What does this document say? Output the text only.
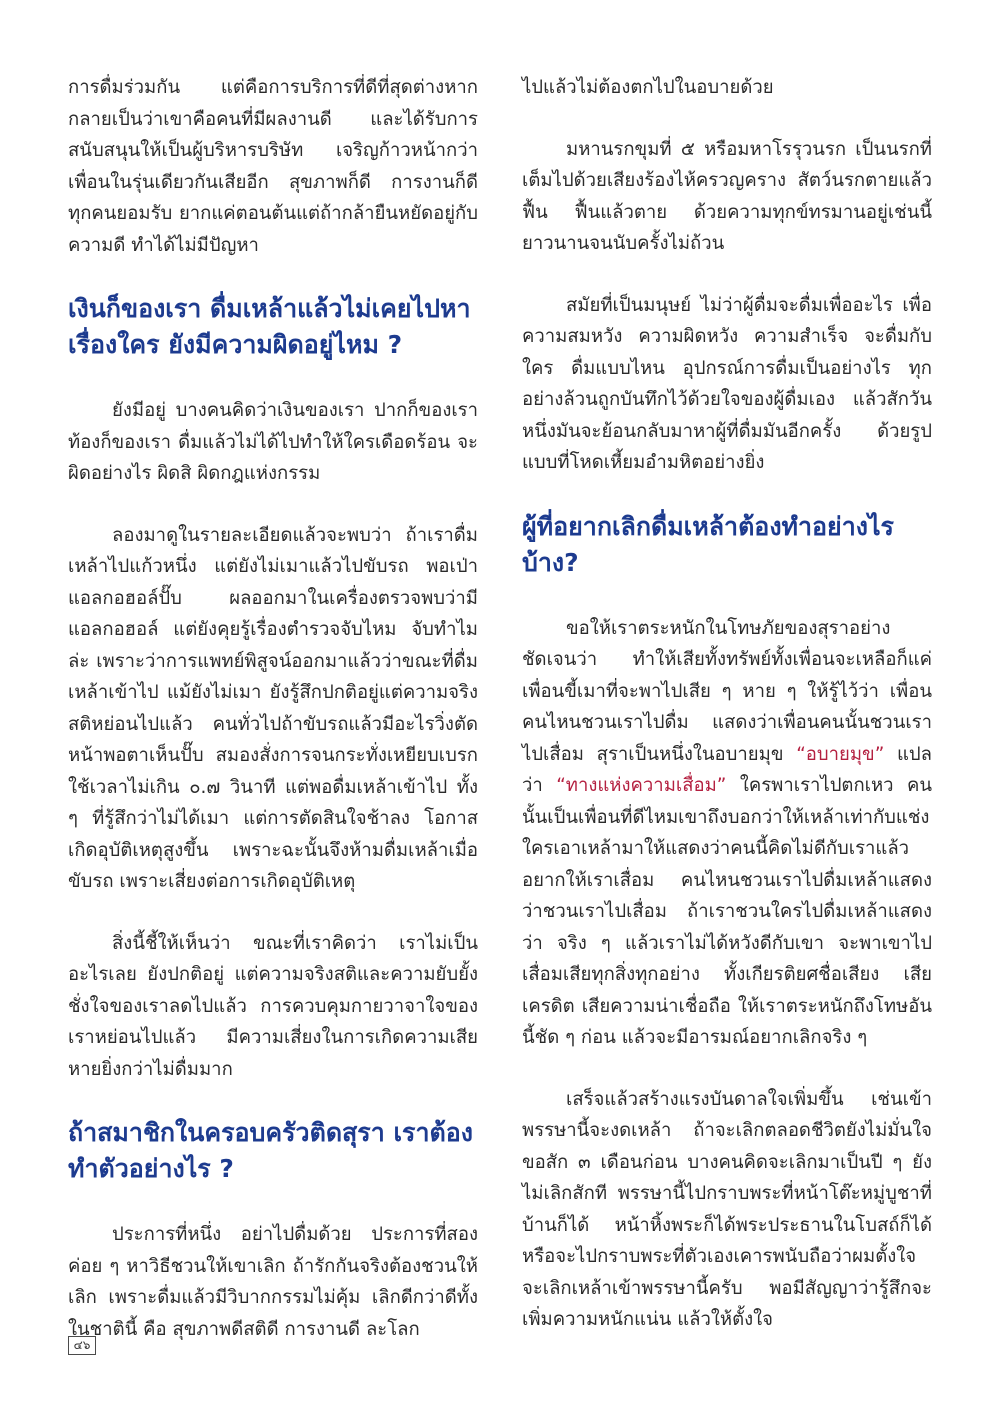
การดื่มร่วมกัน แต่คือการบริการที่ดีที่สุดต่างหาก กลายเป็นว่าเขาคือคนที่มีผลงานดี และได้รับการสนับสนุนให้เป็นผู้บริหารบริษัท เจริญก้าวหน้ากว่าเพื่อนในรุ่นเดียวกันเสียอีก สุขภาพก็ดี การงานก็ดี ทุกคนยอมรับ ยากแค่ตอนต้นแต่ถ้ากล้ายืนหยัดอยู่กับความดี ทำได้ไม่มีปัญหา

เงินก็ของเรา ดื่มเหล้าแล้วไม่เคยไปหาเรื่องใคร ยังมีความผิดอยู่ไหม ?

ยังมีอยู่ บางคนคิดว่าเงินของเรา ปากก็ของเรา ท้องก็ของเรา ดื่มแล้วไม่ได้ไปทำให้ใครเดือดร้อน จะผิดอย่างไร ผิดสิ ผิดกฎแห่งกรรม

ลองมาดูในรายละเอียดแล้วจะพบว่า ถ้าเราดื่มเหล้าไปแก้วหนึ่ง แต่ยังไม่เมาแล้วไปขับรถ พอเป่าแอลกอฮอล์ปั๊บ ผลออกมาในเครื่องตรวจพบว่ามีแอลกอฮอล์ แต่ยังคุยรู้เรื่องตำรวจจับไหม จับทำไมล่ะ เพราะว่าการแพทย์พิสูจน์ออกมาแล้วว่าขณะที่ดื่มเหล้าเข้าไป แม้ยังไม่เมา ยังรู้สึกปกติอยู่แต่ความจริงสติหย่อนไปแล้ว คนทั่วไปถ้าขับรถแล้วมีอะไรวิ่งตัดหน้าพอตาเห็นปั๊บ สมองสั่งการจนกระทั่งเหยียบเบรกใช้เวลาไม่เกิน ๐.๗ วินาที แต่พอดื่มเหล้าเข้าไป ทั้ง ๆ ที่รู้สึกว่าไม่ได้เมา แต่การตัดสินใจช้าลง โอกาสเกิดอุบัติเหตุสูงขึ้น เพราะฉะนั้นจึงห้ามดื่มเหล้าเมื่อขับรถ เพราะเสี่ยงต่อการเกิดอุบัติเหตุ

สิ่งนี้ชี้ให้เห็นว่า ขณะที่เราคิดว่า เราไม่เป็นอะไรเลย ยังปกติอยู่ แต่ความจริงสติและความยับยั้งชั่งใจของเราลดไปแล้ว การควบคุมกายวาจาใจของเราหย่อนไปแล้ว มีความเสี่ยงในการเกิดความเสียหายยิ่งกว่าไม่ดื่มมาก

ถ้าสมาชิกในครอบครัวติดสุรา เราต้องทำตัวอย่างไร ?

ประการที่หนึ่ง อย่าไปดื่มด้วย ประการที่สองค่อย ๆ หาวิธีชวนให้เขาเลิก ถ้ารักกันจริงต้องชวนให้เลิก เพราะดื่มแล้วมีวิบากกรรมไม่คุ้ม เลิกดีกว่าดีทั้งในชาตินี้ คือ สุขภาพดีสติดี การงานดี ละโลก

ไปแล้วไม่ต้องตกไปในอบายด้วย

มหานรกขุมที่ ๕ หรือมหาโรรุวนรก เป็นนรกที่เต็มไปด้วยเสียงร้องไห้ครวญคราง สัตว์นรกตายแล้วฟื้น ฟื้นแล้วตาย ด้วยความทุกข์ทรมานอยู่เช่นนี้ ยาวนานจนนับครั้งไม่ถ้วน

สมัยที่เป็นมนุษย์ ไม่ว่าผู้ดื่มจะดื่มเพื่ออะไร เพื่อความสมหวัง ความผิดหวัง ความสำเร็จ จะดื่มกับใคร ดื่มแบบไหน อุปกรณ์การดื่มเป็นอย่างไร ทุกอย่างล้วนถูกบันทึกไว้ด้วยใจของผู้ดื่มเอง แล้วสักวันหนึ่งมันจะย้อนกลับมาหาผู้ที่ดื่มมันอีกครั้ง ด้วยรูปแบบที่โหดเหี้ยมอำมหิตอย่างยิ่ง

ผู้ที่อยากเลิกดื่มเหล้าต้องทำอย่างไรบ้าง?

ขอให้เราตระหนักในโทษภัยของสุราอย่างชัดเจนว่า ทำให้เสียทั้งทรัพย์ทั้งเพื่อนจะเหลือก็แค่เพื่อนขี้เมาที่จะพาไปเสีย ๆ หาย ๆ ให้รู้ไว้ว่า เพื่อนคนไหนชวนเราไปดื่ม แสดงว่าเพื่อนคนนั้นชวนเราไปเสื่อม สุราเป็นหนึ่งในอบายมุข “อบายมุข” แปลว่า “ทางแห่งความเสื่อม” ใครพาเราไปตกเหว คนนั้นเป็นเพื่อนที่ดีไหมเขาถึงบอกว่าให้เหล้าเท่ากับแช่ง ใครเอาเหล้ามาให้แสดงว่าคนนี้คิดไม่ดีกับเราแล้ว อยากให้เราเสื่อม คนไหนชวนเราไปดื่มเหล้าแสดงว่าชวนเราไปเสื่อม ถ้าเราชวนใครไปดื่มเหล้าแสดงว่า จริง ๆ แล้วเราไม่ได้หวังดีกับเขา จะพาเขาไปเสื่อมเสียทุกสิ่งทุกอย่าง ทั้งเกียรติยศชื่อเสียง เสียเครดิต เสียความน่าเชื่อถือ ให้เราตระหนักถึงโทษอันนี้ชัด ๆ ก่อน แล้วจะมีอารมณ์อยากเลิกจริง ๆ

เสร็จแล้วสร้างแรงบันดาลใจเพิ่มขึ้น เช่นเข้าพรรษานี้จะงดเหล้า ถ้าจะเลิกตลอดชีวิตยังไม่มั่นใจขอสัก ๓ เดือนก่อน บางคนคิดจะเลิกมาเป็นปี ๆ ยังไม่เลิกสักที พรรษานี้ไปกราบพระที่หน้าโต๊ะหมู่บูชาที่บ้านก็ได้ หน้าหิ้งพระก็ได้พระประธานในโบสถ์ก็ได้ หรือจะไปกราบพระที่ตัวเองเคารพนับถือว่าผมตั้งใจจะเลิกเหล้าเข้าพรรษานี้ครับ พอมีสัญญาว่ารู้สึกจะเพิ่มความหนักแน่น แล้วให้ตั้งใจ

๔๖
